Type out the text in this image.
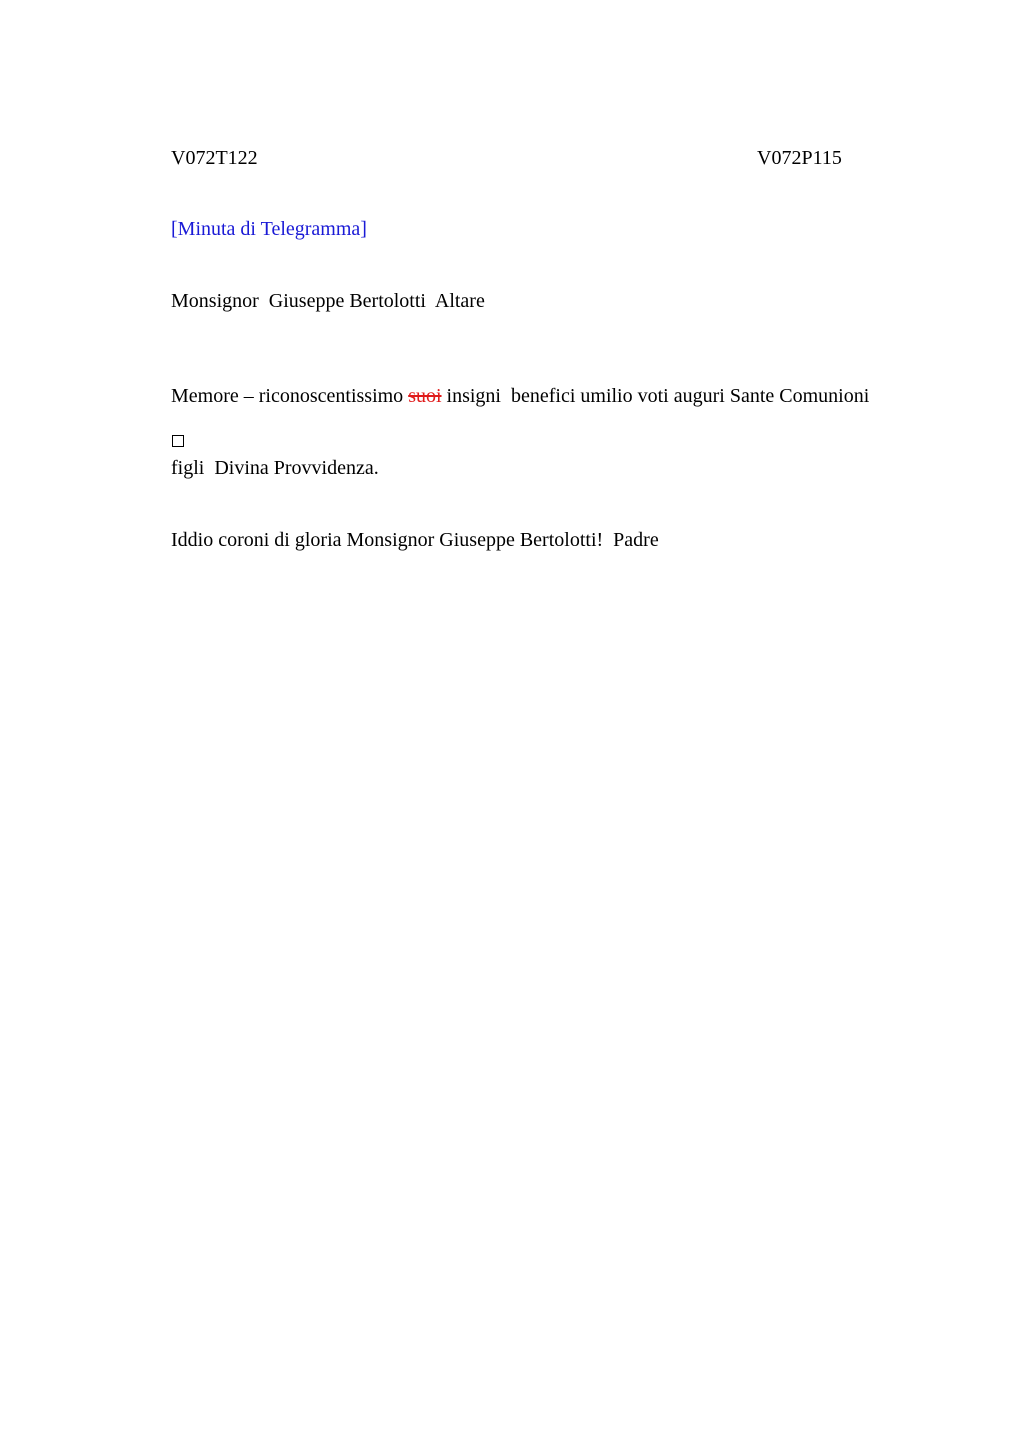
V072T122	V072P115
[Minuta di Telegramma]
Monsignor  Giuseppe Bertolotti  Altare

Memore – riconoscentissimo suoi insigni  benefici umilio voti auguri Sante Comunioni

figli  Divina Provvidenza.

Iddio coroni di gloria Monsignor Giuseppe Bertolotti!  Padre
